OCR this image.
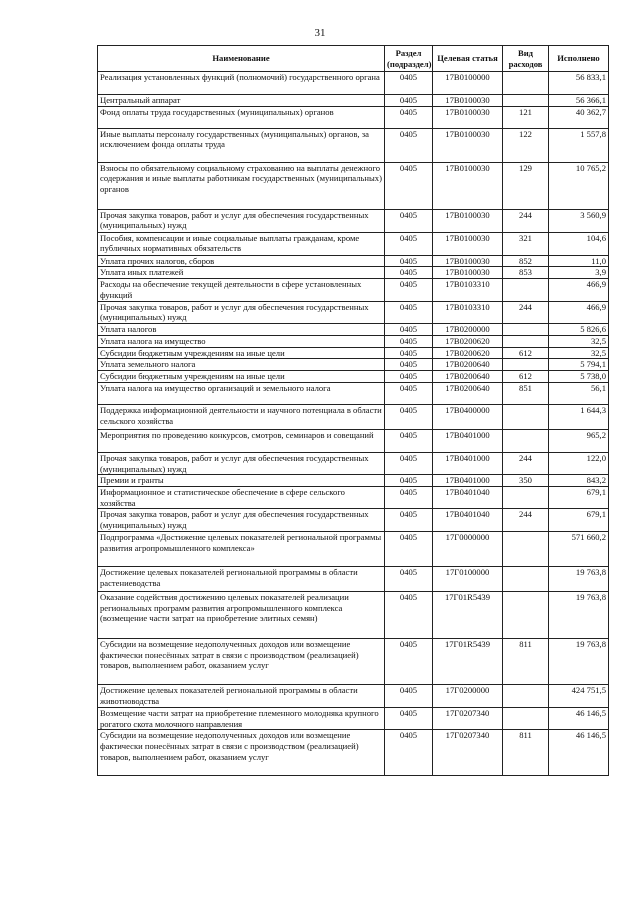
31
Наименование	Раздел (подраздел)	Целевая статья	Вид расходов	Исполнено
Реализация установленных функций (полномочий) государственного органа	0405	17В0100000		56 833,1
Центральный аппарат	0405	17В0100030		56 366,1
Фонд оплаты труда государственных (муниципальных) органов	0405	17В0100030	121	40 362,7
Иные выплаты персоналу государственных (муниципальных) органов, за исключением фонда оплаты труда	0405	17В0100030	122	1 557,8
Взносы по обязательному социальному страхованию на выплаты денежного содержания и иные выплаты работникам государственных (муниципальных) органов	0405	17В0100030	129	10 765,2
Прочая закупка товаров, работ и услуг для обеспечения государственных (муниципальных) нужд	0405	17В0100030	244	3 560,9
Пособия, компенсации и иные социальные выплаты гражданам, кроме публичных нормативных обязательств	0405	17В0100030	321	104,6
Уплата прочих налогов, сборов	0405	17В0100030	852	11,0
Уплата иных платежей	0405	17В0100030	853	3,9
Расходы на обеспечение текущей деятельности в сфере установленных функций	0405	17В0103310		466,9
Прочая закупка товаров, работ и услуг для обеспечения государственных (муниципальных) нужд	0405	17В0103310	244	466,9
Уплата налогов	0405	17В0200000		5 826,6
Уплата налога на имущество	0405	17В0200620		32,5
Субсидии бюджетным учреждениям на иные цели	0405	17В0200620	612	32,5
Уплата земельного налога	0405	17В0200640		5 794,1
Субсидии бюджетным учреждениям на иные цели	0405	17В0200640	612	5 738,0
Уплата налога на имущество организаций и земельного налога	0405	17В0200640	851	56,1
Поддержка информационной деятельности и научного потенциала в области сельского хозяйства	0405	17В0400000		1 644,3
Мероприятия по проведению конкурсов, смотров, семинаров и совещаний	0405	17В0401000		965,2
Прочая закупка товаров, работ и услуг для обеспечения государственных (муниципальных) нужд	0405	17В0401000	244	122,0
Премии и гранты	0405	17В0401000	350	843,2
Информационное и статистическое обеспечение в сфере сельского хозяйства	0405	17В0401040		679,1
Прочая закупка товаров, работ и услуг для обеспечения государственных (муниципальных) нужд	0405	17В0401040	244	679,1
Подпрограмма «Достижение целевых показателей региональной программы развития агропромышленного комплекса»	0405	17Г0000000		571 660,2
Достижение целевых показателей региональной программы в области растениеводства	0405	17Г0100000		19 763,8
Оказание содействия достижению целевых показателей реализации региональных программ развития агропромышленного комплекса (возмещение части затрат на приобретение элитных семян)	0405	17Г01R5439		19 763,8
Субсидии на возмещение недополученных доходов или возмещение фактически понесённых затрат в связи с производством (реализацией) товаров, выполнением работ, оказанием услуг	0405	17Г01R5439	811	19 763,8
Достижение целевых показателей региональной программы в области животноводства	0405	17Г0200000		424 751,5
Возмещение части затрат на приобретение племенного молодняка крупного рогатого скота молочного направления	0405	17Г0207340		46 146,5
Субсидии на возмещение недополученных доходов или возмещение фактически понесённых затрат в связи с производством (реализацией) товаров, выполнением работ, оказанием услуг	0405	17Г0207340	811	46 146,5
